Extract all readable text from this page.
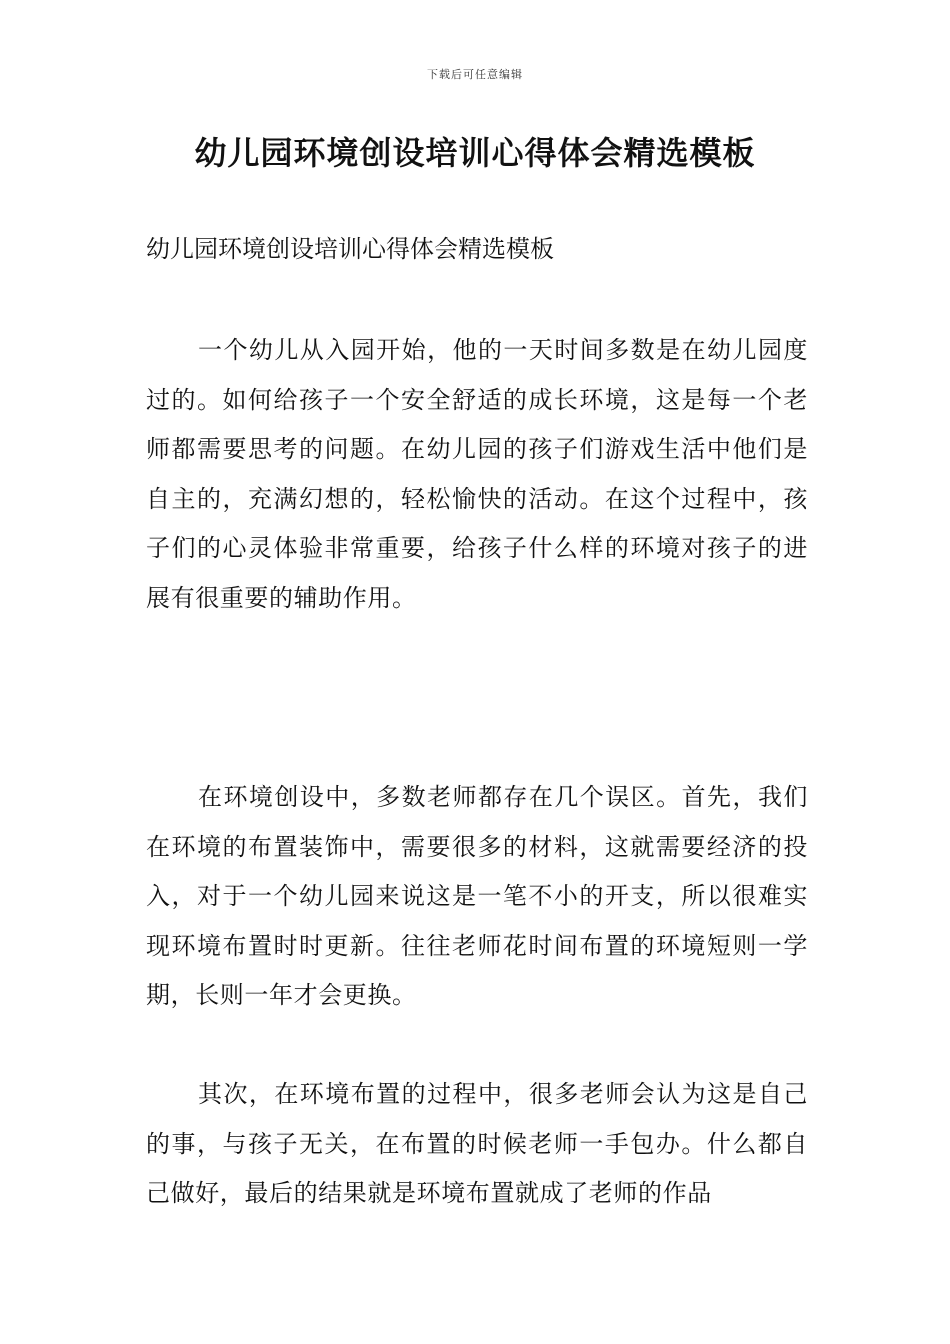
下载后可任意编辑
幼儿园环境创设培训心得体会精选模板

幼儿园环境创设培训心得体会精选模板

一个幼儿从入园开始，他的一天时间多数是在幼儿园度过的。如何给孩子一个安全舒适的成长环境，这是每一个老师都需要思考的问题。在幼儿园的孩子们游戏生活中他们是自主的，充满幻想的，轻松愉快的活动。在这个过程中，孩子们的心灵体验非常重要，给孩子什么样的环境对孩子的进展有很重要的辅助作用。

在环境创设中，多数老师都存在几个误区。首先，我们在环境的布置装饰中，需要很多的材料，这就需要经济的投入，对于一个幼儿园来说这是一笔不小的开支，所以很难实现环境布置时时更新。往往老师花时间布置的环境短则一学期，长则一年才会更换。

其次，在环境布置的过程中，很多老师会认为这是自己的事，与孩子无关，在布置的时候老师一手包办。什么都自己做好，最后的结果就是环境布置就成了老师的作品
